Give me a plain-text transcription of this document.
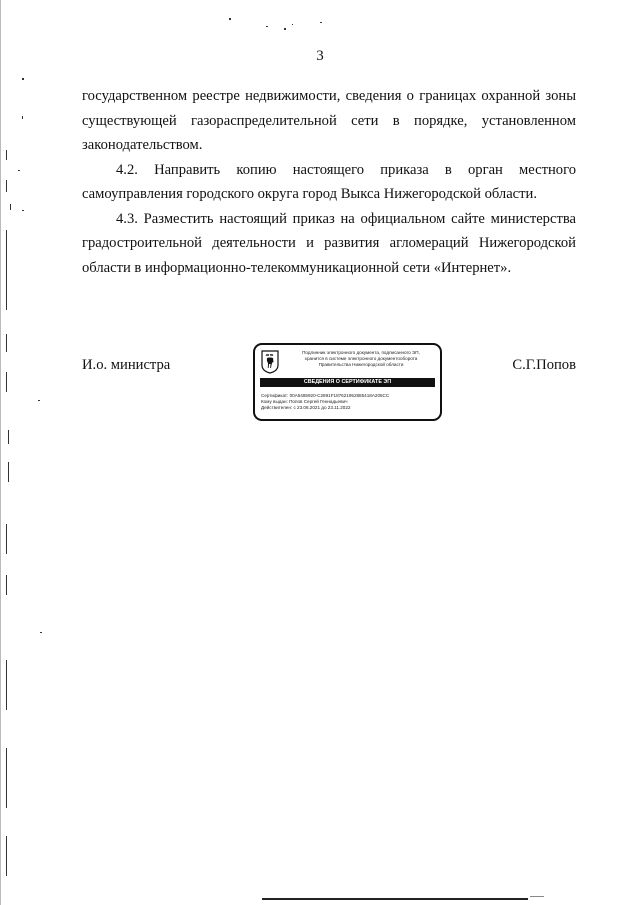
3

государственном реестре недвижимости, сведения о границах охранной зоны
существующей газораспределительной сети в порядке, установленном
законодательством.

4.2. Направить копию настоящего приказа в орган местного
самоуправления городского округа город Выкса Нижегородской области.

4.3. Разместить настоящий приказ на официальном сайте министерства
градостроительной деятельности и развития агломераций Нижегородской
области в информационно-телекоммуникационной сети «Интернет».

И.о. министра
Подлинник электронного документа, подписанного ЭП,
хранится в системе электронного документооборота
Правительства Нижегородской области
СВЕДЕНИЯ О СЕРТИФИКАТЕ ЭП
Сертификат: 00A5485920-C2891F187621952885418A205CC
Кому выдан: Попов Сергей Геннадьевич
Действителен: с 23.08.2021 до 23.11.2022
С.Г.Попов
